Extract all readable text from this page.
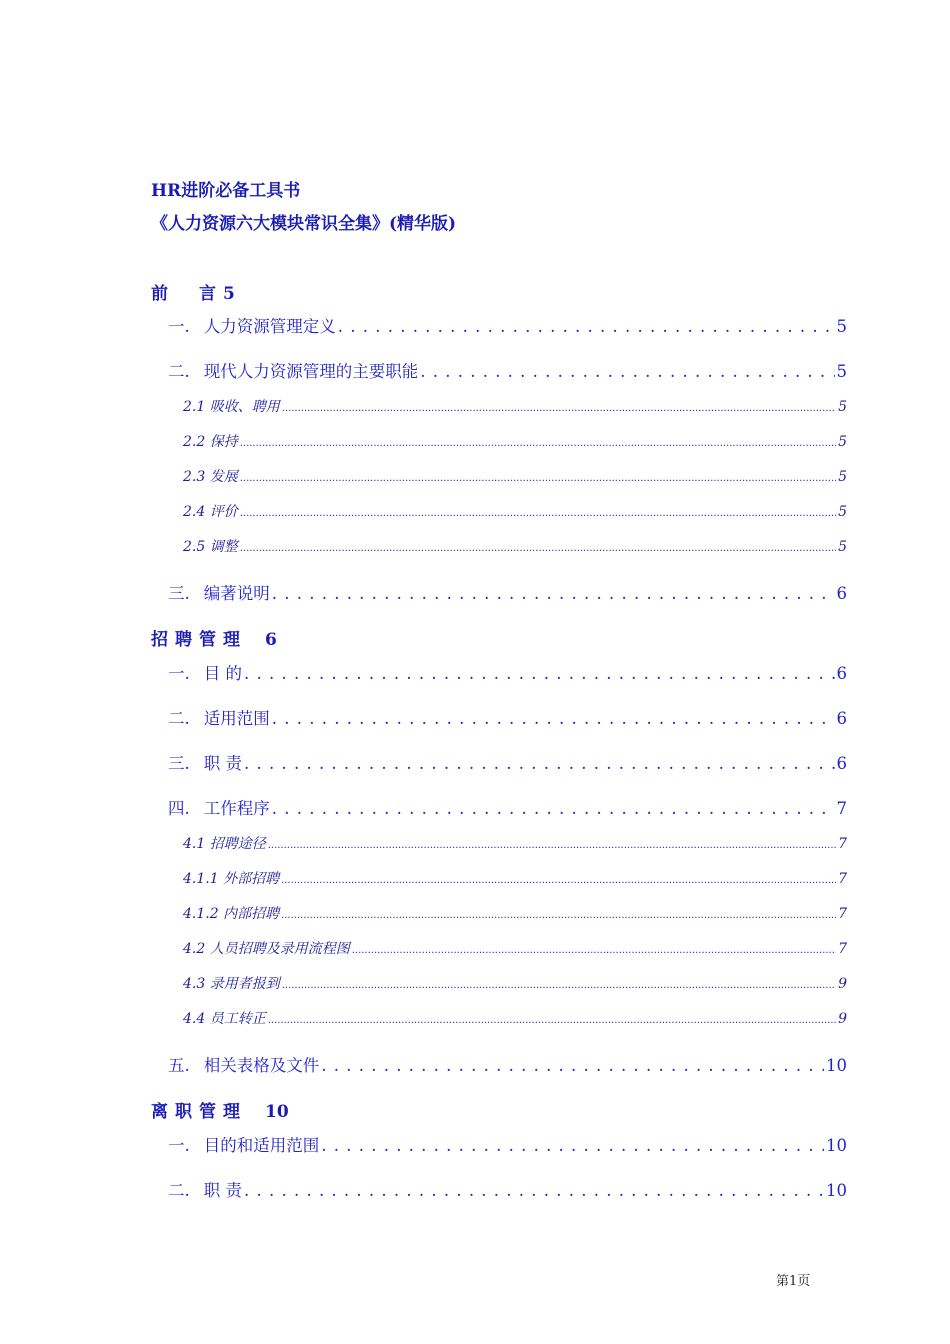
HR进阶必备工具书
《人力资源六大模块常识全集》(精华版)
前　言5
一. 人力资源管理定义 . . .	5
二. 现代人力资源管理的主要职能 . . .	5
2.1 吸收、聘用 .....	5
2.2 保持 .....	5
2.3 发展 .....	5
2.4 评价 .....	5
2.5 调整 .....	5
三. 编著说明 . . .	6
招聘管理 6
一. 目 的 . . .	6
二. 适用范围 . . .	6
三. 职 责 . . .	6
四. 工作程序 . . .	7
4.1 招聘途径 .....	7
4.1.1 外部招聘 .....	7
4.1.2 内部招聘 .....	7
4.2 人员招聘及录用流程图 .....	7
4.3 录用者报到 .....	9
4.4 员工转正 .....	9
五. 相关表格及文件 . . .	10
离职管理 10
一. 目的和适用范围 . . .	10
二. 职 责 . . .	10
第1页
